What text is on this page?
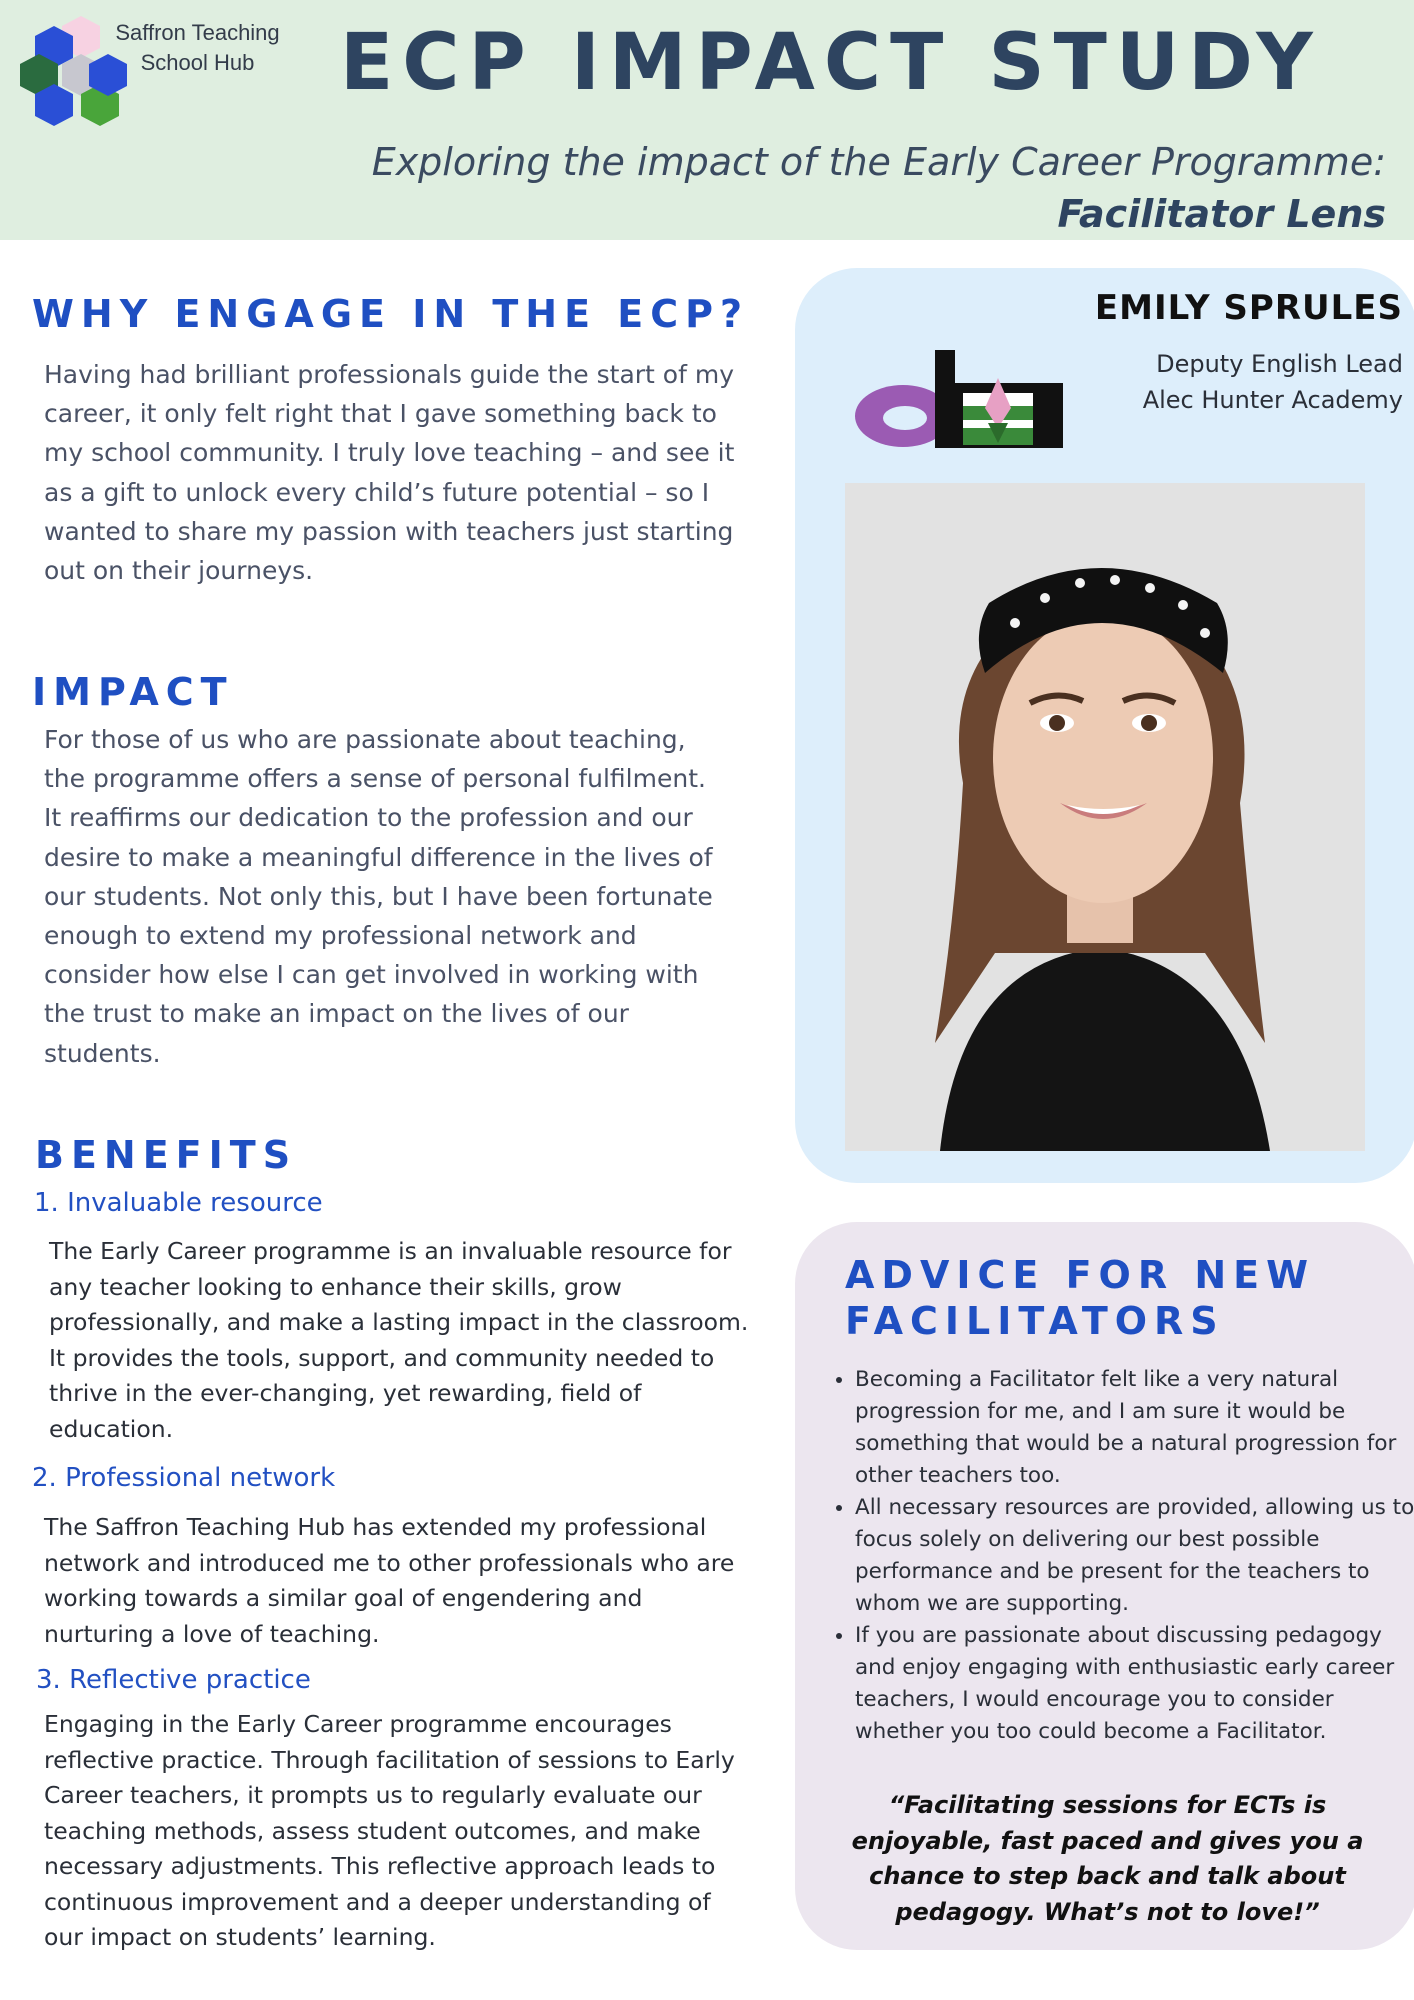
Saffron Teaching School Hub	ECP IMPACT STUDY
Exploring the impact of the Early Career Programme:
Facilitator Lens
WHY ENGAGE IN THE ECP?

Having had brilliant professionals guide the start of my career, it only felt right that I gave something back to my school community. I truly love teaching – and see it as a gift to unlock every child’s future potential – so I wanted to share my passion with teachers just starting out on their journeys.

IMPACT

For those of us who are passionate about teaching, the programme offers a sense of personal fulfilment. It reaffirms our dedication to the profession and our desire to make a meaningful difference in the lives of our students. Not only this, but I have been fortunate enough to extend my professional network and consider how else I can get involved in working with the trust to make an impact on the lives of our students.

BENEFITS
1. Invaluable resource

The Early Career programme is an invaluable resource for any teacher looking to enhance their skills, grow professionally, and make a lasting impact in the classroom. It provides the tools, support, and community needed to thrive in the ever-changing, yet rewarding, field of education.

2. Professional network

The Saffron Teaching Hub has extended my professional network and introduced me to other professionals who are working towards a similar goal of engendering and nurturing a love of teaching.

3. Reflective practice

Engaging in the Early Career programme encourages reflective practice. Through facilitation of sessions to Early Career teachers, it prompts us to regularly evaluate our teaching methods, assess student outcomes, and make necessary adjustments. This reflective approach leads to continuous improvement and a deeper understanding of our impact on students’ learning.

EMILY SPRULES
Deputy English Lead
Alec Hunter Academy
ADVICE FOR NEW
FACILITATORS
• Becoming a Facilitator felt like a very natural progression for me, and I am sure it would be something that would be a natural progression for other teachers too.
• All necessary resources are provided, allowing us to focus solely on delivering our best possible performance and be present for the teachers to whom we are supporting.
• If you are passionate about discussing pedagogy and enjoy engaging with enthusiastic early career teachers, I would encourage you to consider whether you too could become a Facilitator.
“Facilitating sessions for ECTs is enjoyable, fast paced and gives you a chance to step back and talk about pedagogy. What’s not to love!”
